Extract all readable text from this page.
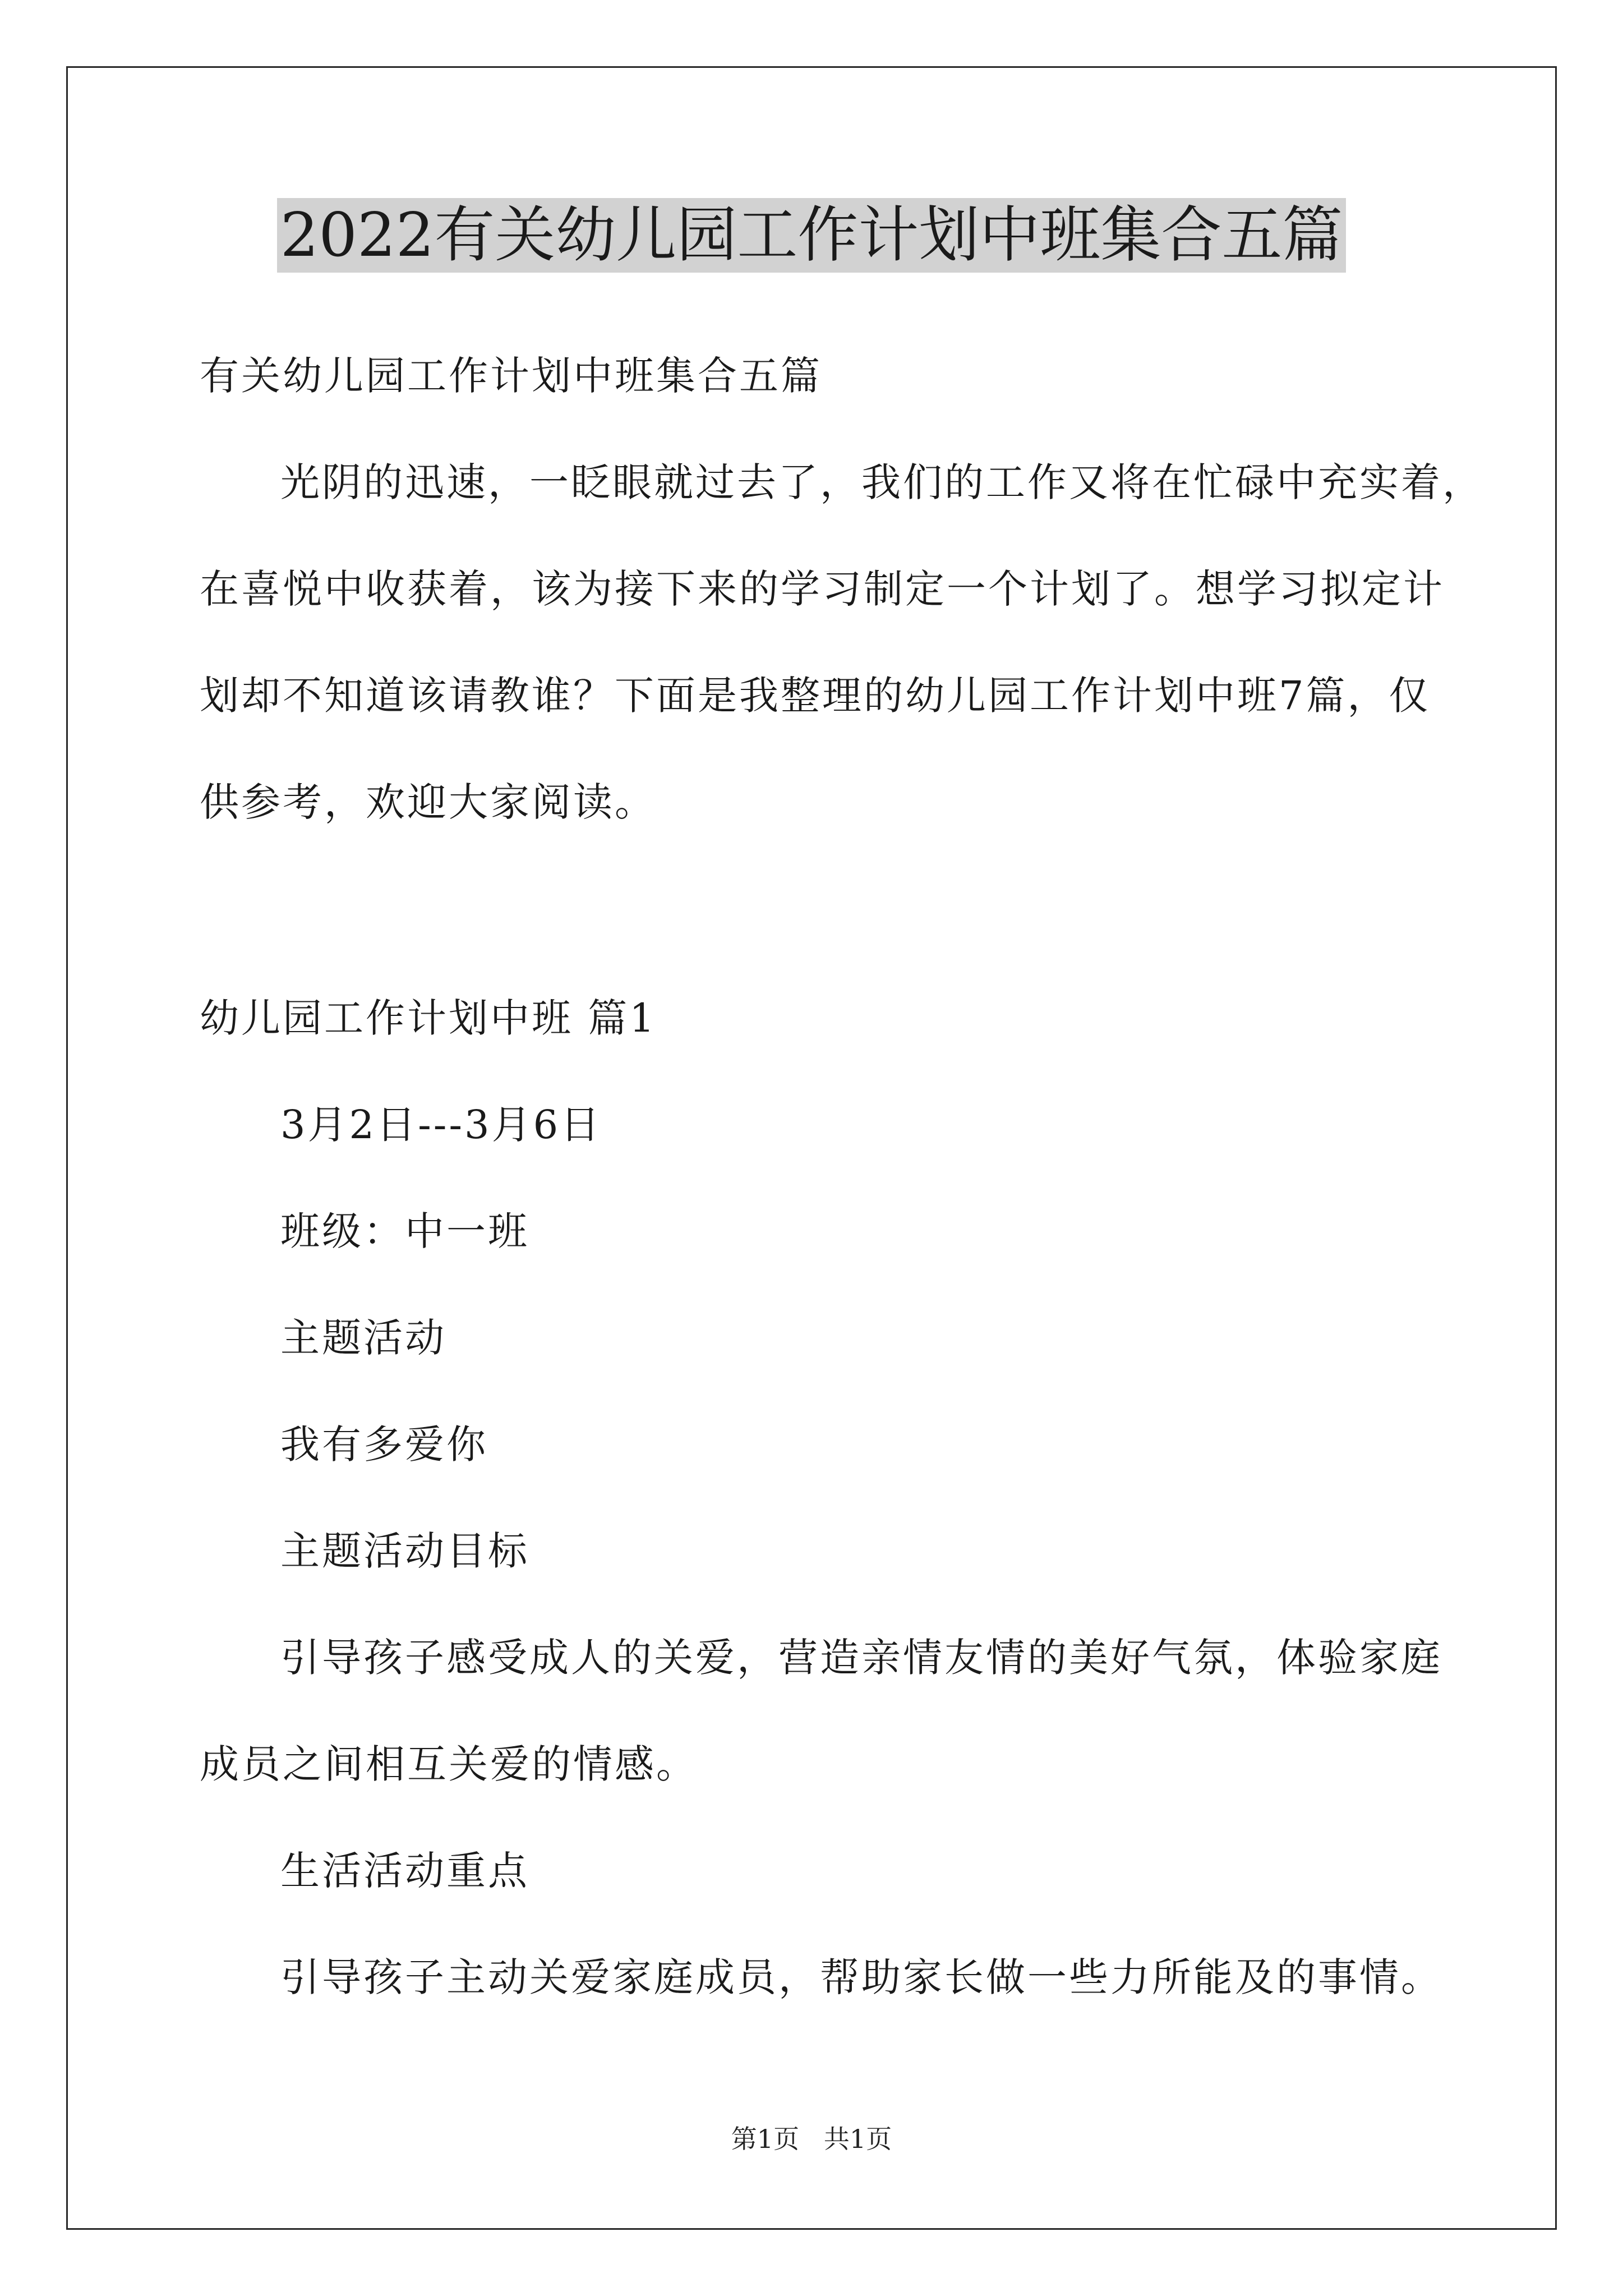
2022有关幼儿园工作计划中班集合五篇

有关幼儿园工作计划中班集合五篇

光阴的迅速，一眨眼就过去了，我们的工作又将在忙碌中充实着，

在喜悦中收获着，该为接下来的学习制定一个计划了。想学习拟定计

划却不知道该请教谁？下面是我整理的幼儿园工作计划中班7篇，仅

供参考，欢迎大家阅读。

幼儿园工作计划中班 篇1

3月2日---3月6日

班级：中一班

主题活动

我有多爱你

主题活动目标

引导孩子感受成人的关爱，营造亲情友情的美好气氛，体验家庭

成员之间相互关爱的情感。

生活活动重点

引导孩子主动关爱家庭成员，帮助家长做一些力所能及的事情。

第1页   共1页
